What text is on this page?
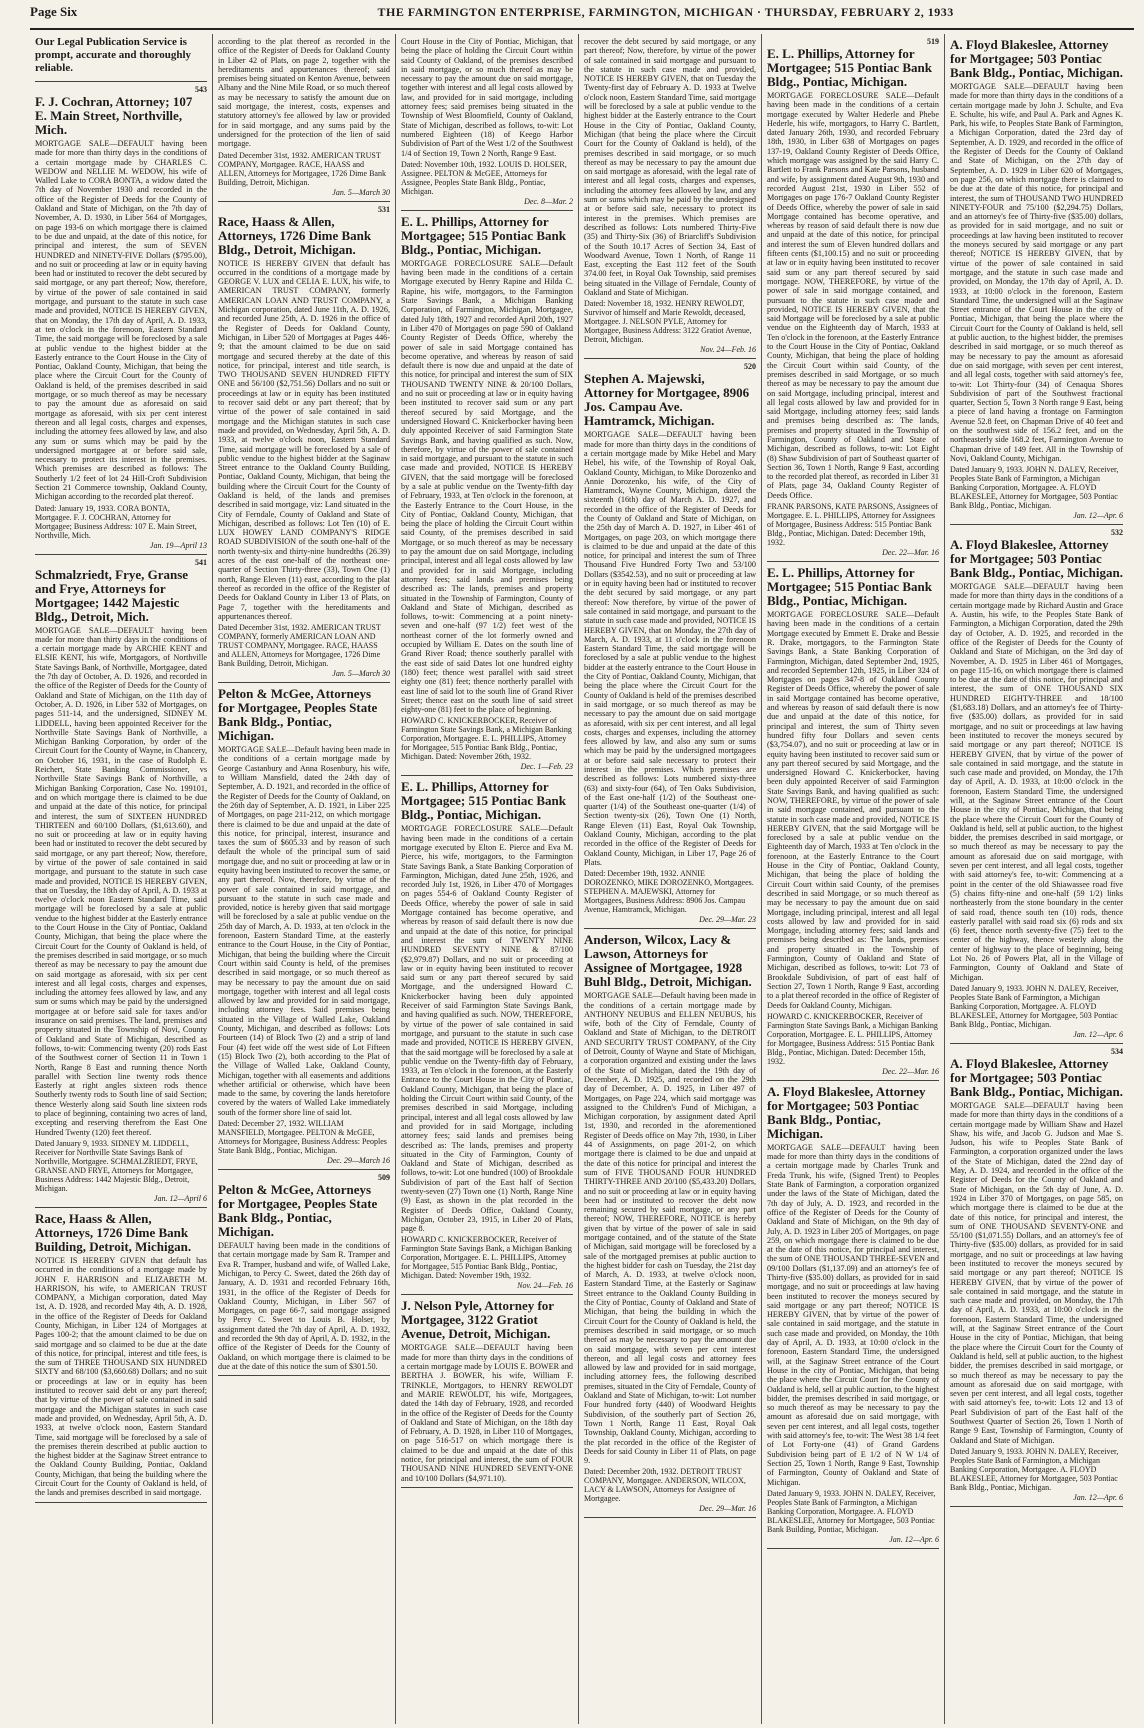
Page Six	THE FARMINGTON ENTERPRISE, FARMINGTON, MICHIGAN · THURSDAY, FEBRUARY 2, 1933
Our Legal Publication Service is prompt, accurate and thoroughly reliable.
543
F. J. Cochran, Attorney; 107 E. Main Street, Northville, Mich.
MORTGAGE SALE—DEFAULT having been made for more than thirty days in the conditions of a certain mortgage made by CHARLES C. WEDOW and NELLIE M. WEDOW, his wife of Walled Lake to CORA BONTA, a widow dated the 7th day of November 1930 and recorded in the office of the Register of Deeds for the County of Oakland and State of Michigan, on the 7th day of November, A. D. 1930, in Liber 564 of Mortgages, on page 193-6 on which mortgage there is claimed to be due and unpaid, at the date of this notice, for principal and interest, the sum of SEVEN HUNDRED and NINETY-FIVE Dollars ($795.00), and no suit or proceeding at law or in equity having been had or instituted to recover the debt secured by said mortgage, or any part thereof; Now, therefore, by virtue of the power of sale contained in said mortgage, and pursuant to the statute in such case made and provided, NOTICE IS HEREBY GIVEN, that on Monday, the 17th day of April, A. D. 1933, at ten o'clock in the forenoon, Eastern Standard Time, the said mortgage will be foreclosed by a sale at public vendue to the highest bidder at the Easterly entrance to the Court House in the City of Pontiac, Oakland County, Michigan, that being the place where the Circuit Court for the County of Oakland is held, of the premises described in said mortgage, or so much thereof as may be necessary to pay the amount due as aforesaid on said mortgage as aforesaid, with six per cent interest thereon and all legal costs, charges and expenses, including the attorney fees allowed by law, and also any sum or sums which may be paid by the undersigned mortgagee at or before said sale, necessary to protect its interest in the premises. Which premises are described as follows: The Southerly 1/2 feet of lot 24 Hill-Croft Subdivision Section 21 Commerce township, Oakland County, Michigan according to the recorded plat thereof.
Dated: January 19, 1933. CORA BONTA, Mortgagee. F. J. COCHRAN, Attorney for Mortgagee; Business Address: 107 E. Main Street, Northville, Mich.
Jan. 19—April 13
541
Schmalzriedt, Frye, Granse and Frye, Attorneys for Mortgagee; 1442 Majestic Bldg., Detroit, Mich.
MORTGAGE SALE—DEFAULT having been made for more than thirty days in the conditions of a certain mortgage made by ARCHIE KENT and ELSIE KENT, his wife, Mortgagors, of Northville State Savings Bank, of Northville, Mortgagee, dated the 7th day of October, A. D. 1926, and recorded in the office of the Register of Deeds for the County of Oakland and State of Michigan, on the 11th day of October, A. D. 1926, in Liber 532 of Mortgages, on pages 511-14, and the undersigned, SIDNEY M. LIDDELL, having been appointed Receiver for the Northville State Savings Bank of Northville, a Michigan Banking Corporation, by order of the Circuit Court for the County of Wayne, in Chancery, on October 16, 1931, in the case of Rudolph E. Reichert, State Banking Commissioner, vs Northville State Savings Bank of Northville, a Michigan Banking Corporation, Case No. 199101, and on which mortgage there is claimed to be due and unpaid at the date of this notice, for principal and interest, the sum of SIXTEEN HUNDRED THIRTEEN and 60/100 Dollars, ($1,613.60), and no suit or proceeding at law or in equity having been had or instituted to recover the debt secured by said mortgage, or any part thereof; Now, therefore, by virtue of the power of sale contained in said mortgage, and pursuant to the statute in such case made and provided, NOTICE IS HEREBY GIVEN, that on Tuesday, the 18th day of April, A. D. 1933 at twelve o'clock noon Eastern Standard Time, said mortgage will be foreclosed by a sale at public vendue to the highest bidder at the Easterly entrance to the Court House in the City of Pontiac, Oakland County, Michigan, that being the place where the Circuit Court for the County of Oakland is held, of the premises described in said mortgage, or so much thereof as may be necessary to pay the amount due on said mortgage as aforesaid, with six per cent interest and all legal costs, charges and expenses, including the attorney fees allowed by law, and any sum or sums which may be paid by the undersigned mortgagee at or before said sale for taxes and/or insurance on said premises. The land, premises and property situated in the Township of Novi, County of Oakland and State of Michigan, described as follows, to-wit: Commencing twenty (20) rods East of the Southwest corner of Section 11 in Town 1 North, Range 8 East and running thence North parallel with Section line twenty rods thence Easterly at right angles sixteen rods thence Southerly twenty rods to South line of said Section; thence Westerly along said South line sixteen rods to place of beginning, containing two acres of land, excepting and reserving therefrom the East One Hundred Twenty (120) feet thereof.
Dated January 9, 1933. SIDNEY M. LIDDELL, Receiver for Northville State Savings Bank of Northville, Mortgagee. SCHMALZRIEDT, FRYE, GRANSE AND FRYE, Attorneys for Mortgagee, Business Address: 1442 Majestic Bldg., Detroit, Michigan.
Jan. 12—April 6
Race, Haass & Allen, Attorneys, 1726 Dime Bank Building, Detroit, Michigan.
NOTICE IS HEREBY GIVEN that default has occurred in the conditions of a mortgage made by JOHN F. HARRISON and ELIZABETH M. HARRISON, his wife, to AMERICAN TRUST COMPANY, a Michigan corporation, dated May 1st, A. D. 1928, and recorded May 4th, A. D. 1928, in the office of the Register of Deeds for Oakland County, Michigan, in Liber 124 of Mortgages at Pages 100-2; that the amount claimed to be due on said mortgage and so claimed to be due at the date of this notice, for principal, interest and title fees, is the sum of THREE THOUSAND SIX HUNDRED SIXTY and 68/100 ($3,660.68) Dollars; and no suit or proceedings at law or in equity has been instituted to recover said debt or any part thereof; that by virtue of the power of sale contained in said mortgage and the Michigan statutes in such case made and provided, on Wednesday, April 5th, A. D. 1933, at twelve o'clock noon, Eastern Standard Time, said mortgage will be foreclosed by a sale of the premises therein described at public auction to the highest bidder at the Saginaw Street entrance to the Oakland County Building, Pontiac, Oakland County, Michigan, that being the building where the Circuit Court for the County of Oakland is held, of the lands and premises described in said mortgage.
according to the plat thereof as recorded in the office of the Register of Deeds for Oakland County in Liber 42 of Plats, on page 2, together with the hereditaments and appurtenances thereof; said premises being situated on Kenton Avenue, between Albany and the Nine Mile Road, or so much thereof as may be necessary to satisfy the amount due on said mortgage, the interest, costs, expenses and statutory attorney's fee allowed by law or provided for in said mortgage, and any sums paid by the undersigned for the protection of the lien of said mortgage.
Dated December 31st, 1932. AMERICAN TRUST COMPANY, Mortgagee. RACE, HAASS and ALLEN, Attorneys for Mortgagee, 1726 Dime Bank Building, Detroit, Michigan.
Jan. 5—March 30
531
Race, Haass & Allen, Attorneys, 1726 Dime Bank Bldg., Detroit, Michigan.
NOTICE IS HEREBY GIVEN that default has occurred in the conditions of a mortgage made by GEORGE V. LUX and CELIA E. LUX, his wife, to AMERICAN TRUST COMPANY, formerly AMERICAN LOAN AND TRUST COMPANY, a Michigan corporation, dated June 11th, A. D. 1926, and recorded June 25th, A. D. 1926 in the office of the Register of Deeds for Oakland County, Michigan, in Liber 520 of Mortgages at Pages 446-9; that the amount claimed to be due on said mortgage and secured thereby at the date of this notice, for principal, interest and title search, is TWO THOUSAND SEVEN HUNDRED FIFTY ONE and 56/100 ($2,751.56) Dollars and no suit or proceedings at law or in equity has been instituted to recover said debt or any part thereof; that by virtue of the power of sale contained in said mortgage and the Michigan statutes in such case made and provided, on Wednesday, April 5th, A. D. 1933, at twelve o'clock noon, Eastern Standard Time, said mortgage will be foreclosed by a sale of public vendue to the highest bidder at the Saginaw Street entrance to the Oakland County Building, Pontiac, Oakland County, Michigan, that being the building where the Circuit Court for the County of Oakland is held, of the lands and premises described in said mortgage, viz: Land situated in the City of Ferndale, County of Oakland and State of Michigan, described as follows: Lot Ten (10) of E. LUX HOWEY LAND COMPANY'S RIDGE ROAD SUBDIVISION of the south one-half of the north twenty-six and thirty-nine hundredths (26.39) acres of the east one-half of the northeast one-quarter of Section Thirty-three (33), Town One (1) north, Range Eleven (11) east, according to the plat thereof as recorded in the office of the Register of Deeds for Oakland County in Liber 13 of Plats, on Page 7, together with the hereditaments and appurtenances thereof.
Dated December 31st, 1932. AMERICAN TRUST COMPANY, formerly AMERICAN LOAN AND TRUST COMPANY, Mortgagee. RACE, HAASS and ALLEN, Attorneys for Mortgagee, 1726 Dime Bank Building, Detroit, Michigan.
Jan. 5—March 30
Pelton & McGee, Attorneys for Mortgagee, Peoples State Bank Bldg., Pontiac, Michigan.
MORTGAGE SALE—Default having been made in the conditions of a certain mortgage made by George Castanbury and Anna Rosenbury, his wife, to William Mansfield, dated the 24th day of September, A. D. 1921, and recorded in the office of the Register of Deeds for the County of Oakland, on the 26th day of September, A. D. 1921, in Liber 225 of Mortgages, on page 211-212, on which mortgage there is claimed to be due and unpaid at the date of this notice, for principal, interest, insurance and taxes the sum of $605.33 and by reason of such default the whole of the principal sum of said mortgage due, and no suit or proceeding at law or in equity having been instituted to recover the same, or any part thereof. Now, therefore, by virtue of the power of sale contained in said mortgage, and pursuant to the statute in such case made and provided, notice is hereby given that said mortgage will be foreclosed by a sale at public vendue on the 25th day of March, A. D. 1933, at ten o'clock in the forenoon, Eastern Standard Time, at the easterly entrance to the Court House, in the City of Pontiac, Michigan, that being the building where the Circuit Court within said County is held, of the premises described in said mortgage, or so much thereof as may be necessary to pay the amount due on said mortgage, together with interest and all legal costs allowed by law and provided for in said mortgage, including attorney fees. Said premises being situated in the Village of Walled Lake, Oakland County, Michigan, and described as follows: Lots Fourteen (14) of Block Two (2) and a strip of land Four (4) feet wide off the west side of Lot Fifteen (15) Block Two (2), both according to the Plat of the Village of Walled Lake, Oakland County, Michigan, together with all easements and additions whether artificial or otherwise, which have been made to the same, by covering the lands heretofore covered by the waters of Walled Lake immediately south of the former shore line of said lot.
Dated: December 27, 1932. WILLIAM MANSFIELD, Mortgagee. PELTON & McGEE, Attorneys for Mortgagee, Business Address: Peoples State Bank Bldg., Pontiac, Michigan.
Dec. 29—March 16
509
Pelton & McGee, Attorneys for Mortgagee, Peoples State Bank Bldg., Pontiac, Michigan.
DEFAULT having been made in the conditions of that certain mortgage made by Sam R. Tramper and Eva R. Tramper, husband and wife, of Walled Lake, Michigan, to Percy C. Sweet, dated the 26th day of January, A. D. 1931 and recorded February 16th, 1931, in the office of the Register of Deeds for Oakland County, Michigan, in Liber 567 of Mortgages, on page 66-7, said mortgage assigned by Percy C. Sweet to Louis B. Holser, by assignment dated the 7th day of April, A. D. 1932, and recorded the 9th day of April, A. D. 1932, in the office of the Register of Deeds for the County of Oakland, on which mortgage there is claimed to be due at the date of this notice the sum of $301.50.
Court House in the City of Pontiac, Michigan, that being the place of holding the Circuit Court within said County of Oakland, of the premises described in said mortgage, or so much thereof as may be necessary to pay the amount due on said mortgage, together with interest and all legal costs allowed by law, and provided for in said mortgage, including attorney fees; said premises being situated in the Township of West Bloomfield, County of Oakland, State of Michigan, described as follows, to-wit: Lot numbered Eighteen (18) of Keego Harbor Subdivision of Part of the West 1/2 of the Southwest 1/4 of Section 19, Town 2 North, Range 9 East.
Dated: November 10th, 1932. LOUIS D. HOLSER, Assignee. PELTON & McGEE, Attorneys for Assignee, Peoples State Bank Bldg., Pontiac, Michigan.
Dec. 8—Mar. 2
E. L. Phillips, Attorney for Mortgagee; 515 Pontiac Bank Bldg., Pontiac, Michigan.
MORTGAGE FORECLOSURE SALE—Default having been made in the conditions of a certain Mortgage executed by Henry Rapine and Hilda C. Rapine, his wife, mortgagors, to the Farmington State Savings Bank, a Michigan Banking Corporation, of Farmington, Michigan, Mortgagee, dated July 18th, 1927 and recorded April 20th, 1927 in Liber 470 of Mortgages on page 590 of Oakland County Register of Deeds Office, whereby the power of sale in said Mortgage contained has become operative, and whereas by reason of said default there is now due and unpaid at the date of this notice, for principal and interest the sum of SIX THOUSAND TWENTY NINE & 20/100 Dollars, and no suit or proceeding at law or in equity having been instituted to recover said sum or any part thereof secured by said Mortgage, and the undersigned Howard C. Knickerbocker having been duly appointed Receiver of said Farmington State Savings Bank, and having qualified as such. Now, therefore, by virtue of the power of sale contained in said mortgage, and pursuant to the statute in such case made and provided, NOTICE IS HEREBY GIVEN, that the said mortgage will be foreclosed by a sale at public vendue on the Twenty-fifth day of February, 1933, at Ten o'clock in the forenoon, at the Easterly Entrance to the Court House, in the City of Pontiac, Oakland County, Michigan, that being the place of holding the Circuit Court within said County, of the premises described in said Mortgage, or so much thereof as may be necessary to pay the amount due on said Mortgage, including principal, interest and all legal costs allowed by law and provided for in said Mortgage, including attorney fees; said lands and premises being described as: The lands, premises and property situated in the Township of Farmington, County of Oakland and State of Michigan, described as follows, to-wit: Commencing at a point ninety-seven and one-half (97 1/2) feet west of the northeast corner of the lot formerly owned and occupied by William E. Dates on the south line of Grand River Road; thence southerly parallel with the east side of said Dates lot one hundred eighty (180) feet; thence west parallel with said street eighty one (81) feet; thence northerly parallel with east line of said lot to the south line of Grand River Street; thence east on the south line of said street eighty-one (81) feet to the place of beginning.
HOWARD C. KNICKERBOCKER, Receiver of Farmington State Savings Bank, a Michigan Banking Corporation, Mortgagee. E. L. PHILLIPS, Attorney for Mortgagee, 515 Pontiac Bank Bldg., Pontiac, Michigan. Dated: November 26th, 1932.
Dec. 1—Feb. 23
E. L. Phillips, Attorney for Mortgagee; 515 Pontiac Bank Bldg., Pontiac, Michigan.
MORTGAGE FORECLOSURE SALE—Default having been made in the conditions of a certain mortgage executed by Elton E. Pierce and Eva M. Pierce, his wife, mortgagors, to the Farmington State Savings Bank, a State Banking Corporation of Farmington, Michigan, dated June 25th, 1926, and recorded July 1st, 1926, in Liber 470 of Mortgages on pages 554-6 of Oakland County Register of Deeds Office, whereby the power of sale in said Mortgage contained has become operative, and whereas by reason of said default there is now due and unpaid at the date of this notice, for principal and interest the sum of TWENTY NINE HUNDRED SEVENTY NINE & 87/100 ($2,979.87) Dollars, and no suit or proceeding at law or in equity having been instituted to recover said sum or any part thereof secured by said Mortgage, and the undersigned Howard C. Knickerbocker having been duly appointed Receiver of said Farmington State Savings Bank, and having qualified as such. NOW, THEREFORE, by virtue of the power of sale contained in said mortgage, and pursuant to the statute in such case made and provided, NOTICE IS HEREBY GIVEN, that the said mortgage will be foreclosed by a sale at public vendue on the Twenty-fifth day of February, 1933, at Ten o'clock in the forenoon, at the Easterly Entrance to the Court House in the City of Pontiac, Oakland County, Michigan, that being the place of holding the Circuit Court within said County, of the premises described in said Mortgage, including principal, interest and all legal costs allowed by law and provided for in said Mortgage, including attorney fees; said lands and premises being described as: The lands, premises and property situated in the City of Farmington, County of Oakland and State of Michigan, described as follows, to-wit: Lot one hundred (100) of Brookdale Subdivision of part of the East half of Section twenty-seven (27) Town one (1) North, Range Nine (9) East, as shown in the plat recorded in the Register of Deeds Office, Oakland County, Michigan, October 23, 1915, in Liber 20 of Plats, page 8.
HOWARD C. KNICKERBOCKER, Receiver of Farmington State Savings Bank, a Michigan Banking Corporation, Mortgagee. E. L. PHILLIPS, Attorney for Mortgagee, 515 Pontiac Bank Bldg., Pontiac, Michigan. Dated: November 19th, 1932.
Nov. 24—Feb. 16
J. Nelson Pyle, Attorney for Mortgagee, 3122 Gratiot Avenue, Detroit, Michigan.
MORTGAGE SALE—DEFAULT having been made for more than thirty days in the conditions of a certain mortgage made by LOUIS E. BOWER and BERTHA J. BOWER, his wife, William F. TRINKLE, Mortgagors, to HENRY REWOLDT and MARIE REWOLDT, his wife, Mortgagees, dated the 14th day of February, 1928, and recorded in the office of the Register of Deeds for the County of Oakland and State of Michigan, on the 18th day of February, A. D. 1928, in Liber 110 of Mortgages, on page 516-517 on which mortgage there is claimed to be due and unpaid at the date of this notice, for principal and interest, the sum of FOUR THOUSAND NINE HUNDRED SEVENTY-ONE and 10/100 Dollars ($4,971.10).
recover the debt secured by said mortgage, or any part thereof; Now, therefore, by virtue of the power of sale contained in said mortgage and pursuant to the statute in such case made and provided, NOTICE IS HEREBY GIVEN, that on Tuesday the Twenty-first day of February A. D. 1933 at Twelve o'clock noon, Eastern Standard Time, said mortgage will be foreclosed by a sale at public vendue to the highest bidder at the Easterly entrance to the Court House in the City of Pontiac, Oakland County, Michigan (that being the place where the Circuit Court for the County of Oakland is held), of the premises described in said mortgage, or so much thereof as may be necessary to pay the amount due on said mortgage as aforesaid, with the legal rate of interest and all legal costs, charges and expenses, including the attorney fees allowed by law, and any sum or sums which may be paid by the undersigned at or before said sale, necessary to protect its interest in the premises. Which premises are described as follows: Lots numbered Thirty-Five (35) and Thirty-Six (36) of Briarcliff's Subdivision of the South 10.17 Acres of Section 34, East of Woodward Avenue, Town 1 North, of Range 11 East, excepting the East 112 feet of the South 374.00 feet, in Royal Oak Township, said premises being situated in the Village of Ferndale, County of Oakland and State of Michigan.
Dated: November 18, 1932. HENRY REWOLDT, Survivor of himself and Marie Rewoldt, deceased, Mortgagee. J. NELSON PYLE, Attorney for Mortgagee, Business Address: 3122 Gratiot Avenue, Detroit, Michigan.
Nov. 24—Feb. 16
520
Stephen A. Majewski, Attorney for Mortgagee, 8906 Jos. Campau Ave. Hamtramck, Michigan.
MORTGAGE SALE—DEFAULT having been made for more than thirty days in the conditions of a certain mortgage made by Mike Hebel and Mary Hebel, his wife, of the Township of Royal Oak, Oakland County, Michigan, to Mike Dorozenko and Annie Dorozenko, his wife, of the City of Hamtramck, Wayne County, Michigan, dated the sixteenth (16th) day of March A. D. 1927, and recorded in the office of the Register of Deeds for the County of Oakland and State of Michigan, on the 25th day of March A. D. 1927, in Liber 461 of Mortgages, on page 203, on which mortgage there is claimed to be due and unpaid at the date of this notice, for principal and interest the sum of Three Thousand Five Hundred Forty Two and 53/100 Dollars ($3542.53), and no suit or proceeding at law or in equity having been had or instituted to recover the debt secured by said mortgage, or any part thereof: Now therefore, by virtue of the power of sale contained in said mortgage, and pursuant to the statute in such case made and provided, NOTICE IS HEREBY GIVEN, that on Monday, the 27th day of March, A. D. 1933, at 11 o'clock in the forenoon Eastern Standard Time, the said mortgage will be foreclosed by a sale at public vendue to the highest bidder at the easterly entrance to the Court House in the City of Pontiac, Oakland County, Michigan, that being the place where the Circuit Court for the County of Oakland is held of the premises described in said mortgage, or so much thereof as may be necessary to pay the amount due on said mortgage as aforesaid, with six per cent interest, and all legal costs, charges and expenses, including the attorney fees allowed by law, and also any sum or sums which may be paid by the undersigned mortgagees at or before said sale necessary to protect their interest in the premises. Which premises are described as follows: Lots numbered sixty-three (63) and sixty-four (64), of Ten Oaks Subdivision, of the East one-half (1/2) of the Southeast one-quarter (1/4) of the Southeast one-quarter (1/4) of Section twenty-six (26), Town One (1) North, Range Eleven (11) East, Royal Oak Township, Oakland County, Michigan, according to the plat recorded in the office of the Register of Deeds for Oakland County, Michigan, in Liber 17, Page 26 of Plats.
Dated: December 19th, 1932. ANNIE DOROZENKO, MIKE DOROZENKO, Mortgagees. STEPHEN A. MAJEWSKI, Attorney for Mortgagees, Business Address: 8906 Jos. Campau Avenue, Hamtramck, Michigan.
Dec. 29—Mar. 23
Anderson, Wilcox, Lacy & Lawson, Attorneys for Assignee of Mortgagee, 1928 Buhl Bldg., Detroit, Michigan.
MORTGAGE SALE—Default having been made in the conditions of a certain mortgage made by ANTHONY NEUBUS and ELLEN NEUBUS, his wife, both of the City of Ferndale, County of Oakland and State of Michigan, to the DETROIT AND SECURITY TRUST COMPANY, of the City of Detroit, County of Wayne and State of Michigan, a corporation organized and existing under the laws of the State of Michigan, dated the 19th day of December, A. D. 1925, and recorded on the 29th day of December, A. D. 1925, in Liber 497 of Mortgages, on Page 224, which said mortgage was assigned to the Children's Fund of Michigan, a Michigan corporation, by assignment dated April 1st, 1930, and recorded in the aforementioned Register of Deeds office on May 7th, 1930, in Liber 44 of Assignments, on page 201-2, on which mortgage there is claimed to be due and unpaid at the date of this notice for principal and interest the sum of FIVE THOUSAND FOUR HUNDRED THIRTY-THREE AND 20/100 ($5,433.20) Dollars, and no suit or proceeding at law or in equity having been had or instituted to recover the debt now remaining secured by said mortgage, or any part thereof; NOW, THEREFORE, NOTICE is hereby given that by virtue of the power of sale in said mortgage contained, and of the statute of the State of Michigan, said mortgage will be foreclosed by a sale of the mortgaged premises at public auction to the highest bidder for cash on Tuesday, the 21st day of March, A. D. 1933, at twelve o'clock noon, Eastern Standard Time, at the Easterly or Saginaw Street entrance to the Oakland County Building in the City of Pontiac, County of Oakland and State of Michigan, that being the building in which the Circuit Court for the County of Oakland is held, the premises described in said mortgage, or so much thereof as may be necessary to pay the amount due on said mortgage, with seven per cent interest thereon, and all legal costs and attorney fees allowed by law and provided for in said mortgage, including attorney fees, the following described premises, situated in the City of Ferndale, County of Oakland and State of Michigan, to-wit: Lot number Four hundred forty (440) of Woodward Heights Subdivision, of the southerly part of Section 26, Town 1 North, Range 11 East, Royal Oak Township, Oakland County, Michigan, according to the plat recorded in the office of the Register of Deeds for said County in Liber 11 of Plats, on page 9.
Dated: December 20th, 1932. DETROIT TRUST COMPANY, Mortgagee. ANDERSON, WILCOX, LACY & LAWSON, Attorneys for Assignee of Mortgagee.
Dec. 29—Mar. 16
519
E. L. Phillips, Attorney for Mortgagee; 515 Pontiac Bank Bldg., Pontiac, Michigan.
MORTGAGE FORECLOSURE SALE—Default having been made in the conditions of a certain mortgage executed by Walter Hederle and Phebe Hederle, his wife, mortgagors, to Harry C. Bartlett, dated January 26th, 1930, and recorded February 18th, 1930, in Liber 638 of Mortgages on pages 137-19, Oakland County Register of Deeds Office, which mortgage was assigned by the said Harry C. Bartlett to Frank Parsons and Kate Parsons, husband and wife, by assignment dated August 9th, 1930 and recorded August 21st, 1930 in Liber 552 of Mortgages on page 176-7 Oakland County Register of Deeds Office, whereby the power of sale in said Mortgage contained has become operative, and whereas by reason of said default there is now due and unpaid at the date of this notice, for principal and interest the sum of Eleven hundred dollars and fifteen cents ($1,100.15) and no suit or proceeding at law or in equity having been instituted to recover said sum or any part thereof secured by said mortgage. NOW, THEREFORE, by virtue of the power of sale in said mortgage contained, and pursuant to the statute in such case made and provided, NOTICE IS HEREBY GIVEN, that the said Mortgage will be foreclosed by a sale at public vendue on the Eighteenth day of March, 1933 at Ten o'clock in the forenoon, at the Easterly Entrance to the Court House in the City of Pontiac, Oakland County, Michigan, that being the place of holding the Circuit Court within said County, of the premises described in said Mortgage, or so much thereof as may be necessary to pay the amount due on said Mortgage, including principal, interest and all legal costs allowed by law and provided for in said Mortgage, including attorney fees; said lands and premises being described as: The lands, premises and property situated in the Township of Farmington, County of Oakland and State of Michigan, described as follows, to-wit: Lot Eight (8) Shaw Subdivision of part of Southeast quarter of Section 36, Town 1 North, Range 9 East, according to the recorded plat thereof, as recorded in Liber 31 of Plats, page 34, Oakland County Register of Deeds Office.
FRANK PARSONS, KATE PARSONS, Assignees of Mortgagee. E. L. PHILLIPS, Attorney for Assignees of Mortgagee, Business Address: 515 Pontiac Bank Bldg., Pontiac, Michigan. Dated: December 19th, 1932.
Dec. 22—Mar. 16
E. L. Phillips, Attorney for Mortgagee; 515 Pontiac Bank Bldg., Pontiac, Michigan.
MORTGAGE FORECLOSURE SALE—Default having been made in the conditions of a certain Mortgage executed by Emmett E. Drake and Bessie R. Drake, mortgagors, to the Farmington State Savings Bank, a State Banking Corporation of Farmington, Michigan, dated September 2nd, 1925, and recorded September 12th, 1925, in Liber 324 of Mortgages on pages 347-8 of Oakland County Register of Deeds Office, whereby the power of sale in said Mortgage contained has become operative, and whereas by reason of said default there is now due and unpaid at the date of this notice, for principal and interest, the sum of Thirty seven hundred fifty four Dollars and seven cents ($3,754.07), and no suit or proceeding at law or in equity having been instituted to recover said sum or any part thereof secured by said Mortgage, and the undersigned Howard C. Knickerbocker, having been duly appointed Receiver of said Farmington State Savings Bank, and having qualified as such: NOW, THEREFORE, by virtue of the power of sale in said mortgage contained, and pursuant to the statute in such case made and provided, NOTICE IS HEREBY GIVEN, that the said Mortgage will be foreclosed by a sale at public vendue on the Eighteenth day of March, 1933 at Ten o'clock in the forenoon, at the Easterly Entrance to the Court House in the City of Pontiac, Oakland County, Michigan, that being the place of holding the Circuit Court within said County, of the premises described in said Mortgage, or so much thereof as may be necessary to pay the amount due on said Mortgage, including principal, interest and all legal costs allowed by law and provided for in said Mortgage, including attorney fees; said lands and premises being described as: The lands, premises and property situated in the Township of Farmington, County of Oakland and State of Michigan, described as follows, to-wit: Lot 73 of Brookdale Subdivision, of part of east half of Section 27, Town 1 North, Range 9 East, according to a plat thereof recorded in the office of Register of Deeds for Oakland County, Michigan.
HOWARD C. KNICKERBOCKER, Receiver of Farmington State Savings Bank, a Michigan Banking Corporation, Mortgagee. E. L. PHILLIPS, Attorney for Mortgagee, Business Address: 515 Pontiac Bank Bldg., Pontiac, Michigan. Dated: December 15th, 1932.
Dec. 22—Mar. 16
A. Floyd Blakeslee, Attorney for Mortgagee; 503 Pontiac Bank Bldg., Pontiac, Michigan.
MORTGAGE SALE—DEFAULT having been made for more than thirty days in the conditions of a certain mortgage made by Charles Trunk and Freda Trunk, his wife, (Signed Trent) to Peoples State Bank of Farmington, a corporation organized under the laws of the State of Michigan, dated the 7th day of July, A. D. 1923, and recorded in the office of the Register of Deeds for the County of Oakland and State of Michigan, on the 9th day of July, A. D. 1923 in Liber 205 of Mortgages, on page 259, on which mortgage there is claimed to be due at the date of this notice, for principal and interest, the sum of ONE THOUSAND THREE-SEVEN and 09/100 Dollars ($1,137.09) and an attorney's fee of Thirty-five ($35.00) dollars, as provided for in said mortgage, and no suit or proceedings at law having been instituted to recover the moneys secured by said mortgage or any part thereof; NOTICE IS HEREBY GIVEN, that by virtue of the power of sale contained in said mortgage, and the statute in such case made and provided, on Monday, the 10th day of April, A. D. 1933, at 10:00 o'clock in the forenoon, Eastern Standard Time, the undersigned will, at the Saginaw Street entrance of the Court House in the city of Pontiac, Michigan, that being the place where the Circuit Court for the County of Oakland is held, sell at public auction, to the highest bidder, the premises described in said mortgage, or so much thereof as may be necessary to pay the amount as aforesaid due on said mortgage, with seven per cent interest, and all legal costs, together with said attorney's fee, to-wit: The West 38 1/4 feet of Lot Forty-one (41) of Grand Gardens Subdivision being part of E 1/2 of N W 1/4 of Section 25, Town 1 North, Range 9 East, Township of Farmington, County of Oakland and State of Michigan.
Dated January 9, 1933. JOHN N. DALEY, Receiver, Peoples State Bank of Farmington, a Michigan Banking Corporation, Mortgagee. A. FLOYD BLAKESLEE, Attorney for Mortgagee, 503 Pontiac Bank Building, Pontiac, Michigan.
Jan. 12—Apr. 6
A. Floyd Blakeslee, Attorney for Mortgagee; 503 Pontiac Bank Bldg., Pontiac, Michigan.
MORTGAGE SALE—DEFAULT having been made for more than thirty days in the conditions of a certain mortgage made by John J. Schulte, and Eva E. Schulte, his wife, and Paul A. Park and Agnes K. Park, his wife, to Peoples State Bank of Farmington, a Michigan Corporation, dated the 23rd day of September, A. D. 1929, and recorded in the office of the Register of Deeds for the County of Oakland and State of Michigan, on the 27th day of September, A. D. 1929 in Liber 620 of Mortgages, on page 256, on which mortgage there is claimed to be due at the date of this notice, for principal and interest, the sum of THOUSAND TWO HUNDRED NINETY-FOUR and 75/100 ($2,294.75) Dollars, and an attorney's fee of Thirty-five ($35.00) dollars, as provided for in said mortgage, and no suit or proceedings at law having been instituted to recover the moneys secured by said mortgage or any part thereof; NOTICE IS HEREBY GIVEN, that by virtue of the power of sale contained in said mortgage, and the statute in such case made and provided, on Monday, the 17th day of April, A. D. 1933, at 10:00 o'clock in the forenoon, Eastern Standard Time, the undersigned will at the Saginaw Street entrance of the Court House in the city of Pontiac, Michigan, that being the place where the Circuit Court for the County of Oakland is held, sell at public auction, to the highest bidder, the premises described in said mortgage, or so much thereof as may be necessary to pay the amount as aforesaid due on said mortgage, with seven per cent interest, and all legal costs, together with said attorney's fee, to-wit: Lot Thirty-four (34) of Cenaqua Shores Subdivision of part of the Southwest fractional quarter, Section 5, Town 3 North range 9 East, being a piece of land having a frontage on Farmington Avenue 52.8 feet, on Chapman Drive of 40 feet and on the southwest side of 156.2 feet, and on the northeasterly side 168.2 feet, Farmington Avenue to Chapman drive of 149 feet. All in the Township of Novi, Oakland County, Michigan.
Dated January 9, 1933. JOHN N. DALEY, Receiver, Peoples State Bank of Farmington, a Michigan Banking Corporation, Mortgagee. A. FLOYD BLAKESLEE, Attorney for Mortgagee, 503 Pontiac Bank Bldg., Pontiac, Michigan.
Jan. 12—Apr. 6
532
A. Floyd Blakeslee, Attorney for Mortgagee; 503 Pontiac Bank Bldg., Pontiac, Michigan.
MORTGAGE SALE—DEFAULT having been made for more than thirty days in the conditions of a certain mortgage made by Richard Austin and Grace A. Austin, his wife, to the Peoples State Bank of Farmington, a Michigan Corporation, dated the 29th day of October, A. D. 1925, and recorded in the office of the Register of Deeds for the County of Oakland and State of Michigan, on the 3rd day of November, A. D. 1925 in Liber 461 of Mortgages, on page 115-16, on which mortgage there is claimed to be due at the date of this notice, for principal and interest, the sum of ONE THOUSAND SIX HUNDRED EIGHTY-THREE and 18/100 ($1,683.18) Dollars, and an attorney's fee of Thirty-five ($35.00) dollars, as provided for in said mortgage, and no suit or proceedings at law having been instituted to recover the moneys secured by said mortgage or any part thereof; NOTICE IS HEREBY GIVEN, that by virtue of the power of sale contained in said mortgage, and the statute in such case made and provided, on Monday, the 17th day of April, A. D. 1933, at 10:00 o'clock in the forenoon, Eastern Standard Time, the undersigned will, at the Saginaw Street entrance of the Court House in the city of Pontiac, Michigan, that being the place where the Circuit Court for the County of Oakland is held, sell at public auction, to the highest bidder, the premises described in said mortgage, or so much thereof as may be necessary to pay the amount as aforesaid due on said mortgage, with seven per cent interest, and all legal costs, together with said attorney's fee, to-wit: Commencing at a point in the center of the old Shiawassee road five (5) chains fifty-nine and one-half (59 1/2) links northeasterly from the stone boundary in the center of said road, thence south ten (10) rods, thence easterly parallel with said road six (6) rods and six (6) feet, thence north seventy-five (75) feet to the center of the highway, thence westerly along the center of highway to the place of beginning, being Lot No. 26 of Powers Plat, all in the Village of Farmington, County of Oakland and State of Michigan.
Dated January 9, 1933. JOHN N. DALEY, Receiver, Peoples State Bank of Farmington, a Michigan Banking Corporation, Mortgagee. A. FLOYD BLAKESLEE, Attorney for Mortgagee, 503 Pontiac Bank Bldg., Pontiac, Michigan.
Jan. 12—Apr. 6
534
A. Floyd Blakeslee, Attorney for Mortgagee; 503 Pontiac Bank Bldg., Pontiac, Michigan.
MORTGAGE SALE—DEFAULT having been made for more than thirty days in the conditions of a certain mortgage made by William Shaw and Hazel Shaw, his wife, and Jacob G. Judson and Mae S. Judson, his wife to Peoples State Bank of Farmington, a corporation organized under the laws of the State of Michigan, dated the 22nd day of May, A. D. 1924, and recorded in the office of the Register of Deeds for the County of Oakland and State of Michigan, on the 5th day of June, A. D. 1924 in Liber 370 of Mortgages, on page 585, on which mortgage there is claimed to be due at the date of this notice, for principal and interest, the sum of ONE THOUSAND SEVENTY-ONE and 55/100 ($1,071.55) Dollars, and an attorney's fee of Thirty-five ($35.00) dollars, as provided for in said mortgage, and no suit or proceedings at law having been instituted to recover the moneys secured by said mortgage or any part thereof; NOTICE IS HEREBY GIVEN, that by virtue of the power of sale contained in said mortgage, and the statute in such case made and provided, on Monday, the 17th day of April, A. D. 1933, at 10:00 o'clock in the forenoon, Eastern Standard Time, the undersigned will, at the Saginaw Street entrance of the Court House in the city of Pontiac, Michigan, that being the place where the Circuit Court for the County of Oakland is held, sell at public auction, to the highest bidder, the premises described in said mortgage, or so much thereof as may be necessary to pay the amount as aforesaid due on said mortgage, with seven per cent interest, and all legal costs, together with said attorney's fee, to-wit: Lots 12 and 13 of Pearl Subdivision of part of the East half of the Southwest Quarter of Section 26, Town 1 North of Range 9 East, Township of Farmington, County of Oakland and State of Michigan.
Dated January 9, 1933. JOHN N. DALEY, Receiver, Peoples State Bank of Farmington, a Michigan Banking Corporation, Mortgagee. A. FLOYD BLAKESLEE, Attorney for Mortgagee, 503 Pontiac Bank Bldg., Pontiac, Michigan.
Jan. 12—Apr. 6
